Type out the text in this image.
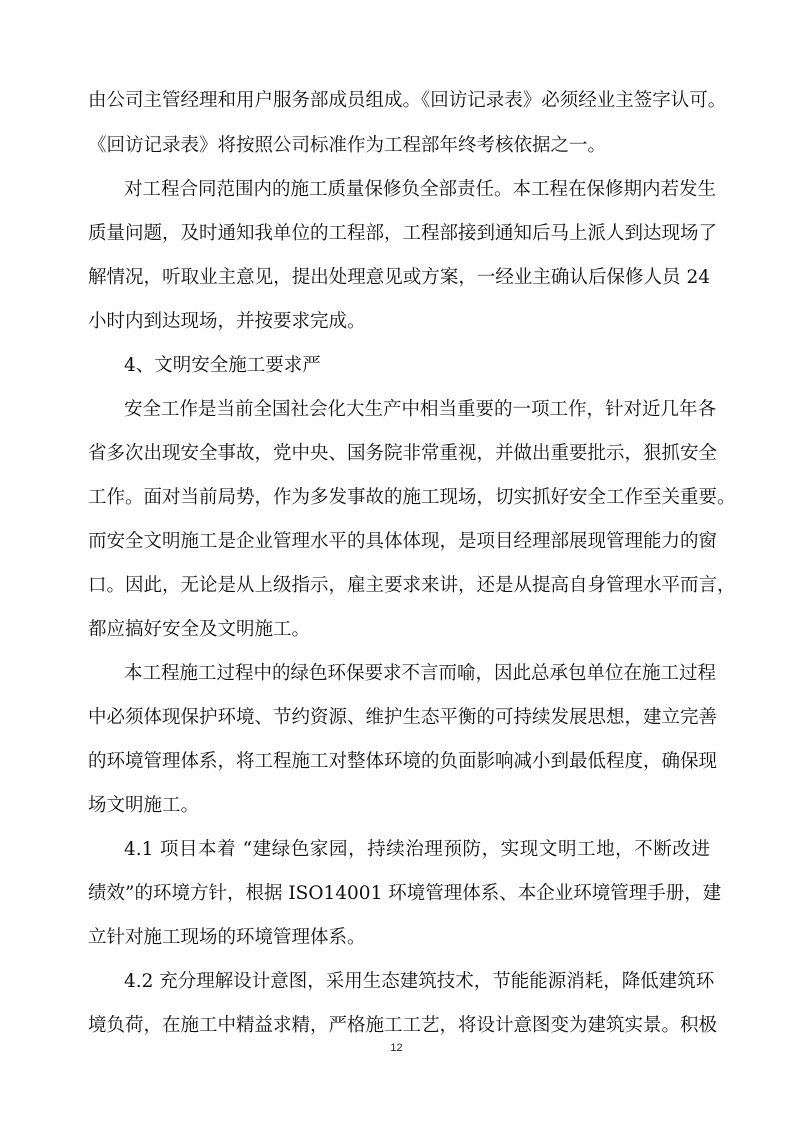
由公司主管经理和用户服务部成员组成。《回访记录表》必须经业主签字认可。
《回访记录表》将按照公司标准作为工程部年终考核依据之一。
对工程合同范围内的施工质量保修负全部责任。本工程在保修期内若发生
质量问题，及时通知我单位的工程部，工程部接到通知后马上派人到达现场了
解情况，听取业主意见，提出处理意见或方案，一经业主确认后保修人员 24
小时内到达现场，并按要求完成。
4、文明安全施工要求严
安全工作是当前全国社会化大生产中相当重要的一项工作，针对近几年各
省多次出现安全事故，党中央、国务院非常重视，并做出重要批示，狠抓安全
工作。面对当前局势，作为多发事故的施工现场，切实抓好安全工作至关重要。
而安全文明施工是企业管理水平的具体体现，是项目经理部展现管理能力的窗
口。因此，无论是从上级指示，雇主要求来讲，还是从提高自身管理水平而言，
都应搞好安全及文明施工。
本工程施工过程中的绿色环保要求不言而喻，因此总承包单位在施工过程
中必须体现保护环境、节约资源、维护生态平衡的可持续发展思想，建立完善
的环境管理体系，将工程施工对整体环境的负面影响减小到最低程度，确保现
场文明施工。
4.1 项目本着 “建绿色家园，持续治理预防，实现文明工地，不断改进
绩效”的环境方针，根据 ISO14001 环境管理体系、本企业环境管理手册，建
立针对施工现场的环境管理体系。
4.2 充分理解设计意图，采用生态建筑技术，节能能源消耗，降低建筑环
境负荷，在施工中精益求精，严格施工工艺，将设计意图变为建筑实景。积极
12
